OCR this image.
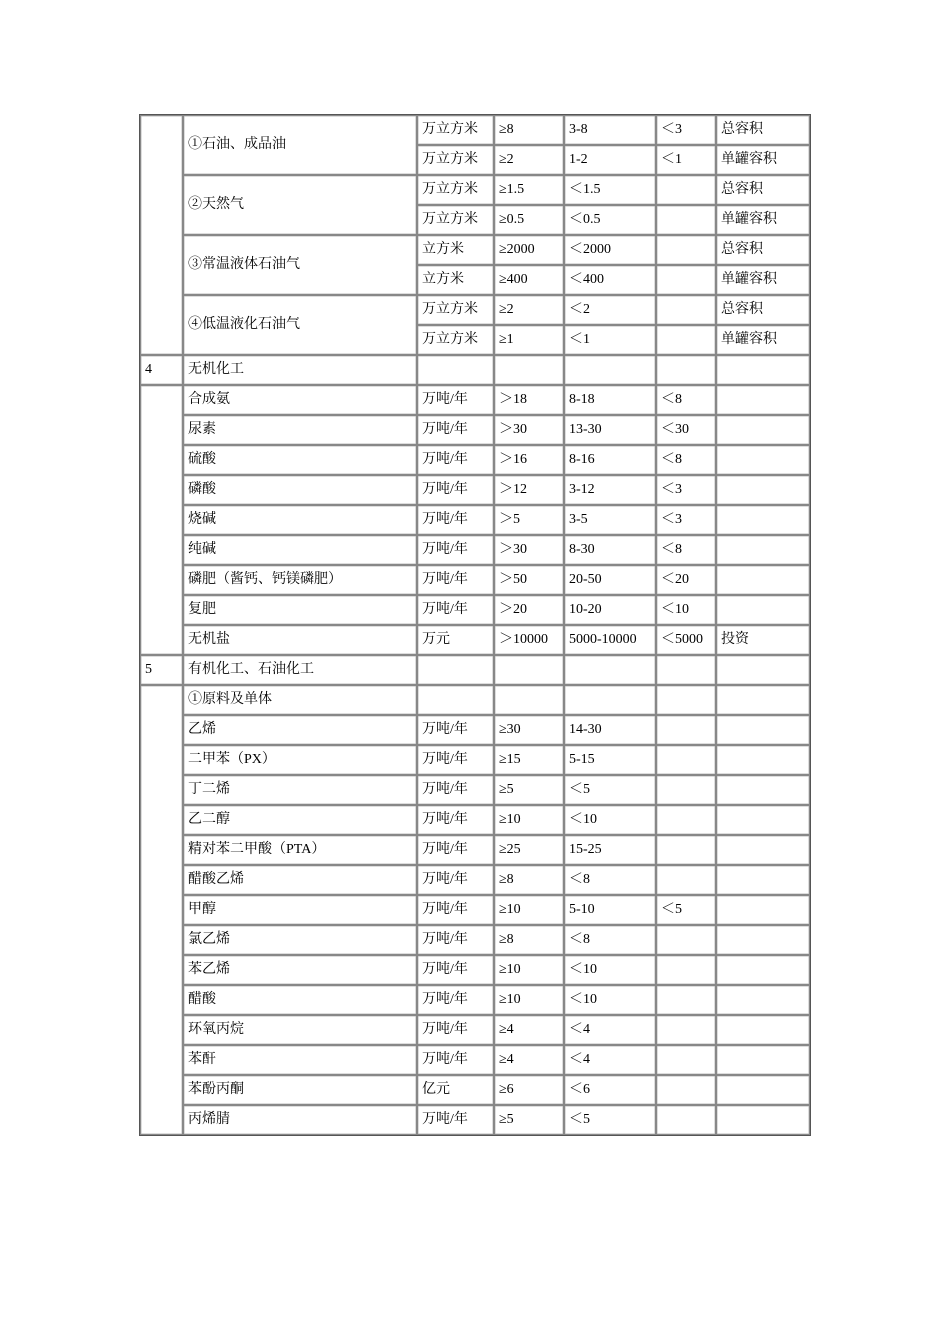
	①石油、成品油	万立方米	≥8	3-8	＜3	总容积
		万立方米	≥2	1-2	＜1	单罐容积
	②天然气	万立方米	≥1.5	＜1.5		总容积
		万立方米	≥0.5	＜0.5		单罐容积
	③常温液体石油气	立方米	≥2000	＜2000		总容积
		立方米	≥400	＜400		单罐容积
	④低温液化石油气	万立方米	≥2	＜2		总容积
		万立方米	≥1	＜1		单罐容积
4	无机化工					
	合成氨	万吨/年	＞18	8-18	＜8	
	尿素	万吨/年	＞30	13-30	＜30	
	硫酸	万吨/年	＞16	8-16	＜8	
	磷酸	万吨/年	＞12	3-12	＜3	
	烧碱	万吨/年	＞5	3-5	＜3	
	纯碱	万吨/年	＞30	8-30	＜8	
	磷肥（酱钙、钙镁磷肥）	万吨/年	＞50	20-50	＜20	
	复肥	万吨/年	＞20	10-20	＜10	
	无机盐	万元	＞10000	5000-10000	＜5000	投资
5	有机化工、石油化工					
	①原料及单体					
	乙烯	万吨/年	≥30	14-30		
	二甲苯（PX）	万吨/年	≥15	5-15		
	丁二烯	万吨/年	≥5	＜5		
	乙二醇	万吨/年	≥10	＜10		
	精对苯二甲酸（PTA）	万吨/年	≥25	15-25		
	醋酸乙烯	万吨/年	≥8	＜8		
	甲醇	万吨/年	≥10	5-10	＜5	
	氯乙烯	万吨/年	≥8	＜8		
	苯乙烯	万吨/年	≥10	＜10		
	醋酸	万吨/年	≥10	＜10		
	环氧丙烷	万吨/年	≥4	＜4		
	苯酐	万吨/年	≥4	＜4		
	苯酚丙酮	亿元	≥6	＜6		
	丙烯腈	万吨/年	≥5	＜5		
